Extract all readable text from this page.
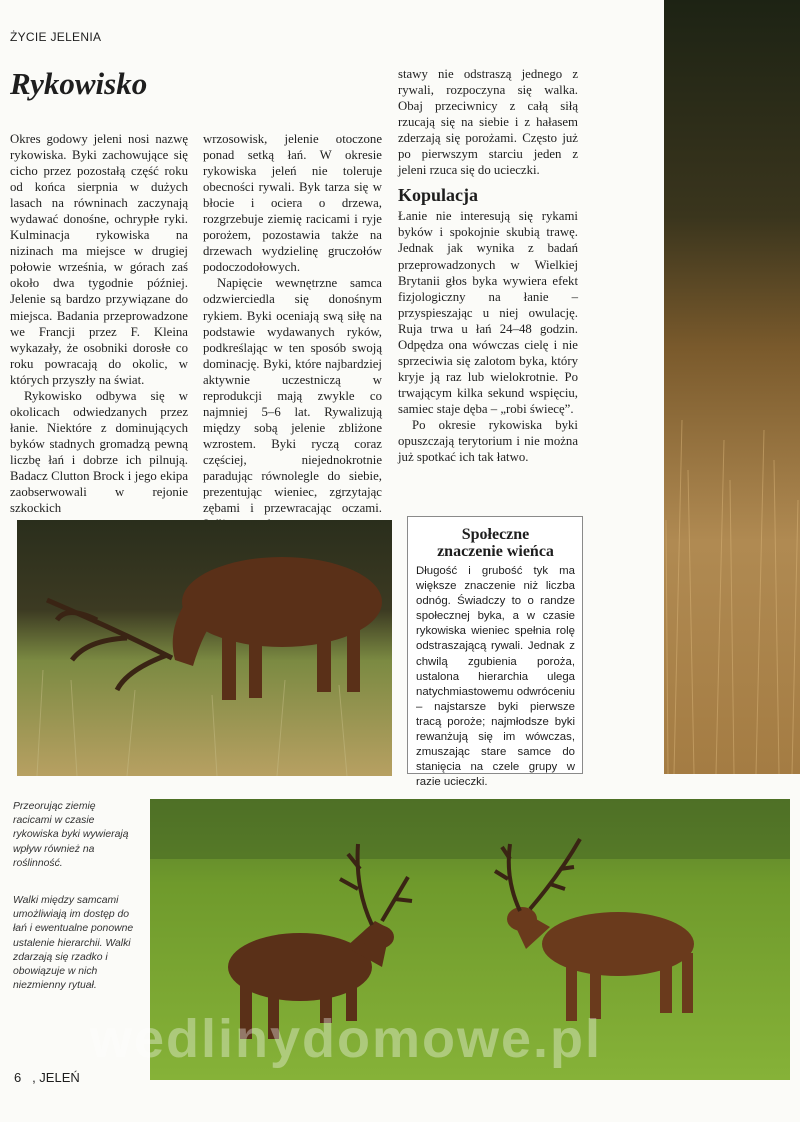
ŻYCIE JELENIA
Rykowisko

Okres godowy jeleni nosi nazwę rykowiska. Byki zachowujące się cicho przez pozostałą część roku od końca sierpnia w dużych lasach na równinach zaczynają wydawać donośne, ochrypłe ryki. Kulminacja rykowiska na nizinach ma miejsce w drugiej połowie września, w górach zaś około dwa tygodnie później. Jelenie są bardzo przywiązane do miejsca. Badania przeprowadzone we Francji przez F. Kleina wykazały, że osobniki dorosłe co roku powracają do okolic, w których przyszły na świat.

Rykowisko odbywa się w okolicach odwiedzanych przez łanie. Niektóre z dominujących byków stadnych gromadzą pewną liczbę łań i dobrze ich pilnują. Badacz Clutton Brock i jego ekipa zaobserwowali w rejonie szkockich

wrzosowisk, jelenie otoczone ponad setką łań. W okresie rykowiska jeleń nie toleruje obecności rywali. Byk tarza się w błocie i ociera o drzewa, rozgrzebuje ziemię racicami i ryje porożem, pozostawia także na drzewach wydzielinę gruczołów podoczodołowych.

Napięcie wewnętrzne samca odzwierciedla się donośnym rykiem. Byki oceniają swą siłę na podstawie wydawanych ryków, podkreślając w ten sposób swoją dominację. Byki, które najbardziej aktywnie uczestniczą w reprodukcji mają zwykle co najmniej 5–6 lat. Rywalizują między sobą jelenie zbliżone wzrostem. Byki ryczą coraz częściej, niejednokrotnie paradując równolegle do siebie, prezentując wieniec, zgrzytając zębami i przewracając oczami.

stawy nie odstraszą jednego z rywali, rozpoczyna się walka. Obaj przeciwnicy z całą siłą rzucają się na siebie i z hałasem zderzają się porożami. Często już po pierwszym starciu jeden z jeleni rzuca się do ucieczki.

Kopulacja

Łanie nie interesują się rykami byków i spokojnie skubią trawę. Jednak jak wynika z badań przeprowadzonych w Wielkiej Brytanii głos byka wywiera efekt fizjologiczny na łanie – przyspieszając u niej owulację. Ruja trwa u łań 24–48 godzin. Odpędza ona wówczas cielę i nie sprzeciwia się zalotom byka, który kryje ją raz lub wielokrotnie. Po trwającym kilka sekund wspięciu, samiec staje dęba – „robi świecę”.

Po okresie rykowiska byki opuszczają terytorium i nie można już spotkać ich tak łatwo.

Społeczne
znaczenie wieńca
Długość i grubość tyk ma większe znaczenie niż liczba odnóg. Świadczy to o randze społecznej byka, a w czasie rykowiska wieniec spełnia rolę odstraszającą rywali. Jednak z chwilą zgubienia poroża, ustalona hierarchia ulega natychmiastowemu odwróceniu – najstarsze byki pierwsze tracą poroże; najmłodsze byki rewanżują się im wówczas, zmuszając stare samce do stanięcia na czele grupy w razie ucieczki.
Przeorując ziemię racicami w czasie rykowiska byki wywierają wpływ również na roślinność.
Walki między samcami umożliwiają im dostęp do łań i ewentualne ponowne ustalenie hierarchii. Walki zdarzają się rzadko i obowiązuje w nich niezmienny rytuał.
wedlinydomowe.pl
6 , JELEŃ
